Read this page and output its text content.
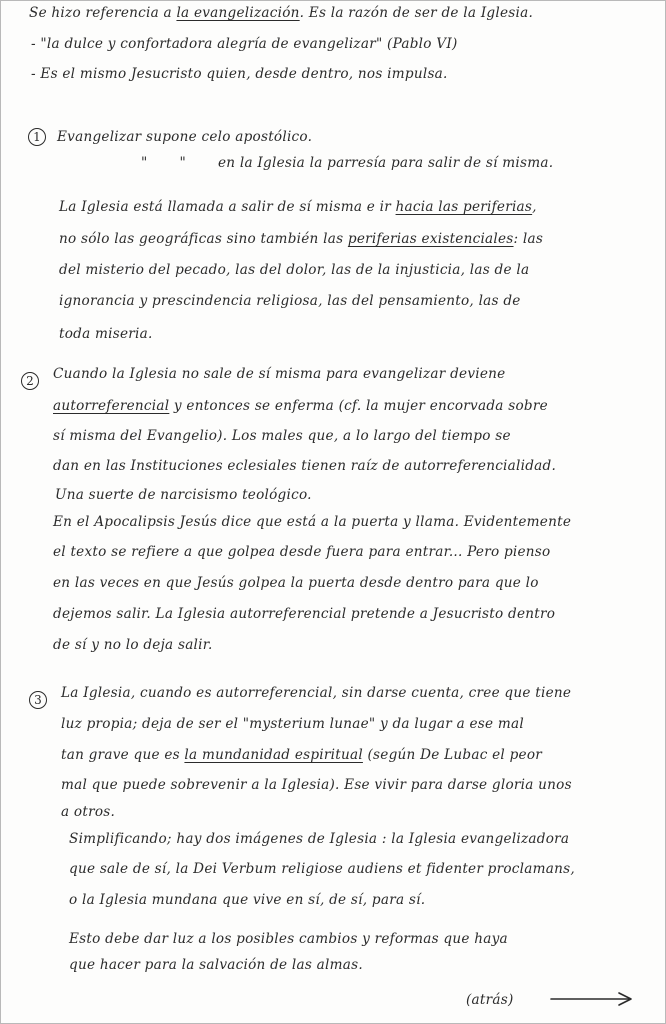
Se hizo referencia a la evangelización. Es la razón de ser de la Iglesia.
- "la dulce y confortadora alegría de evangelizar" (Pablo VI)
- Es el mismo Jesucristo quien, desde dentro, nos impulsa.
1	Evangelizar supone celo apostólico.
"       "       en la Iglesia la parresía para salir de sí misma.
La Iglesia está llamada a salir de sí misma e ir hacia las periferias,
no sólo las geográficas sino también las periferias existenciales: las
del misterio del pecado, las del dolor, las de la injusticia, las de la
ignorancia y prescindencia religiosa, las del pensamiento, las de
toda miseria.
2	Cuando la Iglesia no sale de sí misma para evangelizar deviene
autorreferencial y entonces se enferma (cf. la mujer encorvada sobre
sí misma del Evangelio). Los males que, a lo largo del tiempo se
dan en las Instituciones eclesiales tienen raíz de autorreferencialidad.
Una suerte de narcisismo teológico.
En el Apocalipsis Jesús dice que está a la puerta y llama. Evidentemente
el texto se refiere a que golpea desde fuera para entrar... Pero pienso
en las veces en que Jesús golpea la puerta desde dentro para que lo
dejemos salir. La Iglesia autorreferencial pretende a Jesucristo dentro
de sí y no lo deja salir.
3	La Iglesia, cuando es autorreferencial, sin darse cuenta, cree que tiene
luz propia; deja de ser el "mysterium lunae" y da lugar a ese mal
tan grave que es la mundanidad espiritual (según De Lubac el peor
mal que puede sobrevenir a la Iglesia). Ese vivir para darse gloria unos
a otros.
Simplificando; hay dos imágenes de Iglesia : la Iglesia evangelizadora
que sale de sí, la Dei Verbum religiose audiens et fidenter proclamans,
o la Iglesia mundana que vive en sí, de sí, para sí.
Esto debe dar luz a los posibles cambios y reformas que haya
que hacer para la salvación de las almas.
(atrás)
